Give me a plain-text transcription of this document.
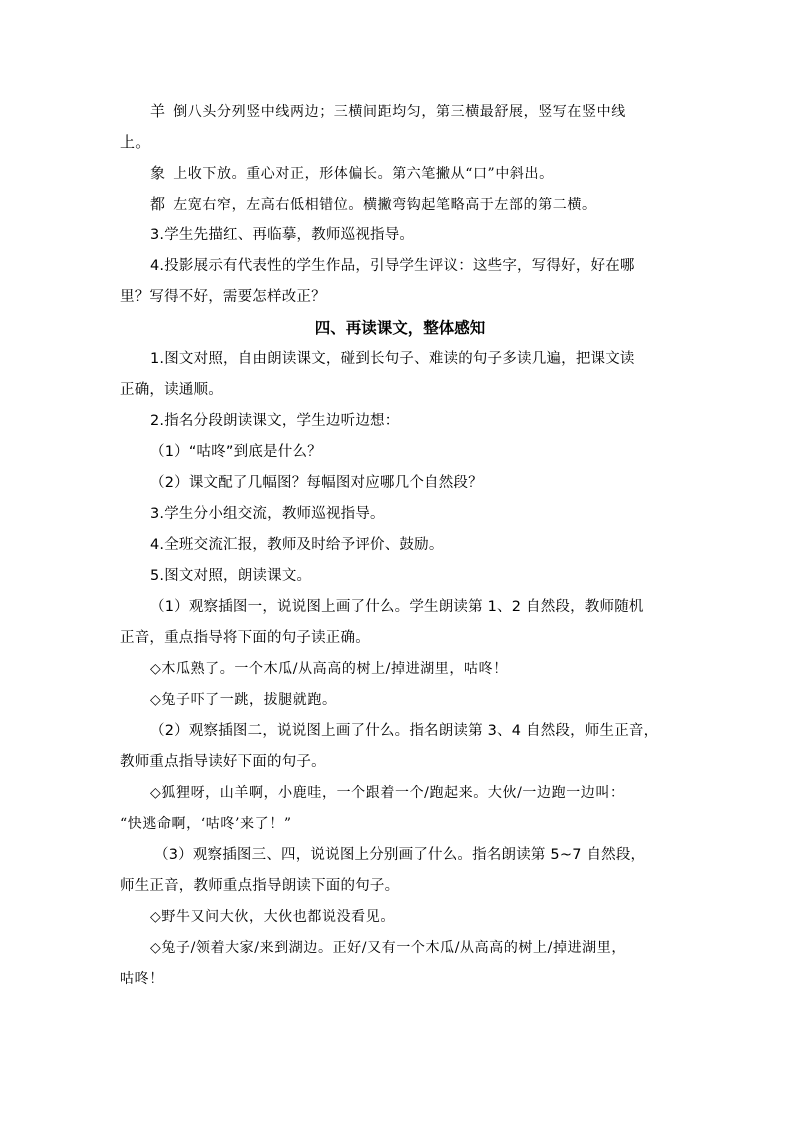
羊 倒八头分列竖中线两边；三横间距均匀，第三横最舒展，竖写在竖中线
上。
象 上收下放。重心对正，形体偏长。第六笔撇从“口”中斜出。
都 左宽右窄，左高右低相错位。横撇弯钩起笔略高于左部的第二横。
3.学生先描红、再临摹，教师巡视指导。
4.投影展示有代表性的学生作品，引导学生评议：这些字，写得好，好在哪
里？写得不好，需要怎样改正？
四、再读课文，整体感知
1.图文对照，自由朗读课文，碰到长句子、难读的句子多读几遍，把课文读
正确，读通顺。
2.指名分段朗读课文，学生边听边想：
（1）“咕咚”到底是什么？
（2）课文配了几幅图？每幅图对应哪几个自然段？
3.学生分小组交流，教师巡视指导。
4.全班交流汇报，教师及时给予评价、鼓励。
5.图文对照，朗读课文。
（1）观察插图一，说说图上画了什么。学生朗读第 1、2 自然段，教师随机
正音，重点指导将下面的句子读正确。
◇木瓜熟了。一个木瓜/从高高的树上/掉进湖里，咕咚！
◇兔子吓了一跳，拔腿就跑。
（2）观察插图二，说说图上画了什么。指名朗读第 3、4 自然段，师生正音，
教师重点指导读好下面的句子。
◇狐狸呀，山羊啊，小鹿哇，一个跟着一个/跑起来。大伙/一边跑一边叫：
“快逃命啊，‘咕咚’来了！”
（3）观察插图三、四，说说图上分别画了什么。指名朗读第 5~7 自然段，
师生正音，教师重点指导朗读下面的句子。
◇野牛又问大伙，大伙也都说没看见。
◇兔子/领着大家/来到湖边。正好/又有一个木瓜/从高高的树上/掉进湖里，
咕咚！
